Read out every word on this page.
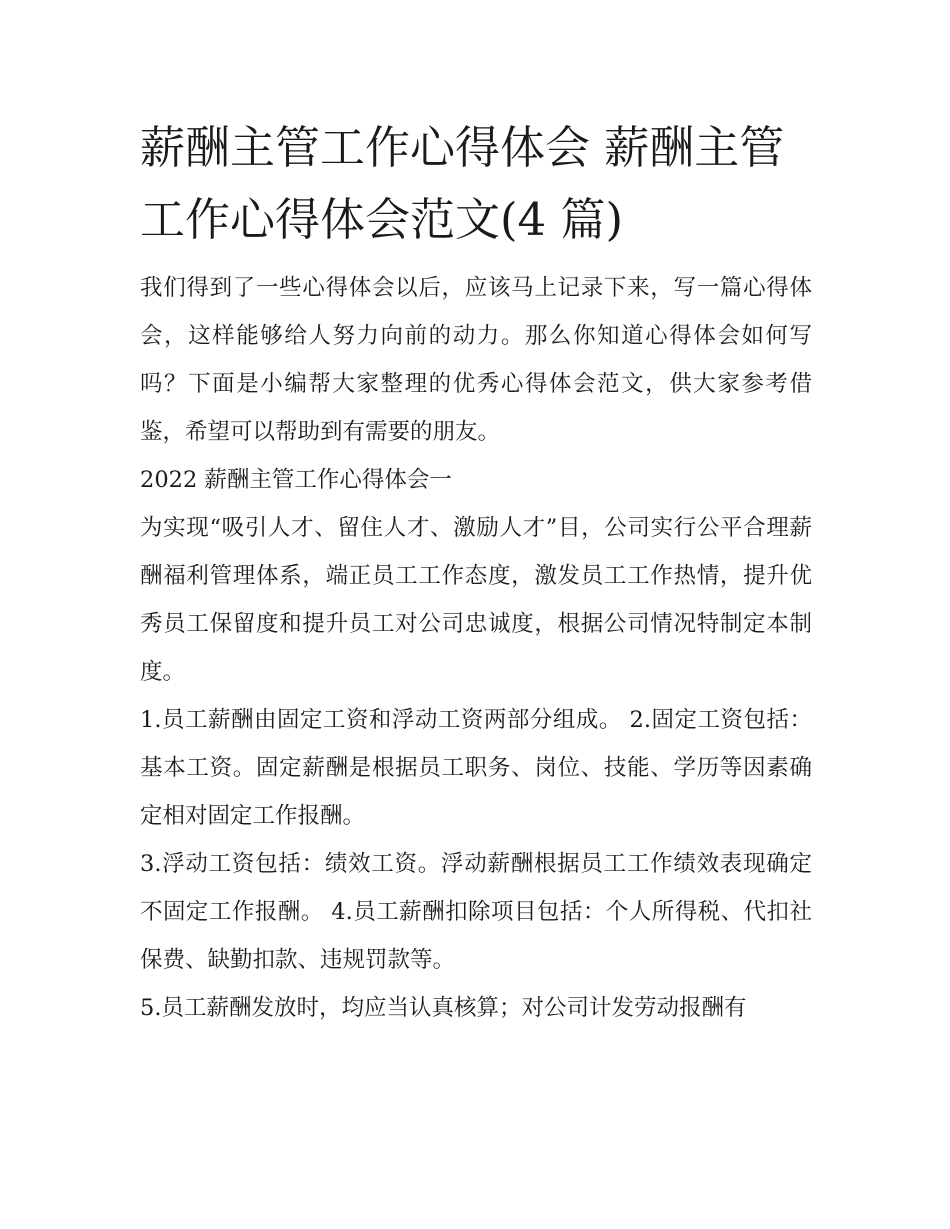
薪酬主管工作心得体会 薪酬主管工作心得体会范文(4 篇)

我们得到了一些心得体会以后，应该马上记录下来，写一篇心得体会，这样能够给人努力向前的动力。那么你知道心得体会如何写吗？下面是小编帮大家整理的优秀心得体会范文，供大家参考借鉴，希望可以帮助到有需要的朋友。

2022 薪酬主管工作心得体会一

为实现“吸引人才、留住人才、激励人才”目，公司实行公平合理薪酬福利管理体系，端正员工工作态度，激发员工工作热情，提升优秀员工保留度和提升员工对公司忠诚度，根据公司情况特制定本制度。

1.员工薪酬由固定工资和浮动工资两部分组成。 2.固定工资包括：基本工资。固定薪酬是根据员工职务、岗位、技能、学历等因素确定相对固定工作报酬。

3.浮动工资包括：绩效工资。浮动薪酬根据员工工作绩效表现确定不固定工作报酬。 4.员工薪酬扣除项目包括：个人所得税、代扣社保费、缺勤扣款、违规罚款等。

5.员工薪酬发放时，均应当认真核算；对公司计发劳动报酬有
